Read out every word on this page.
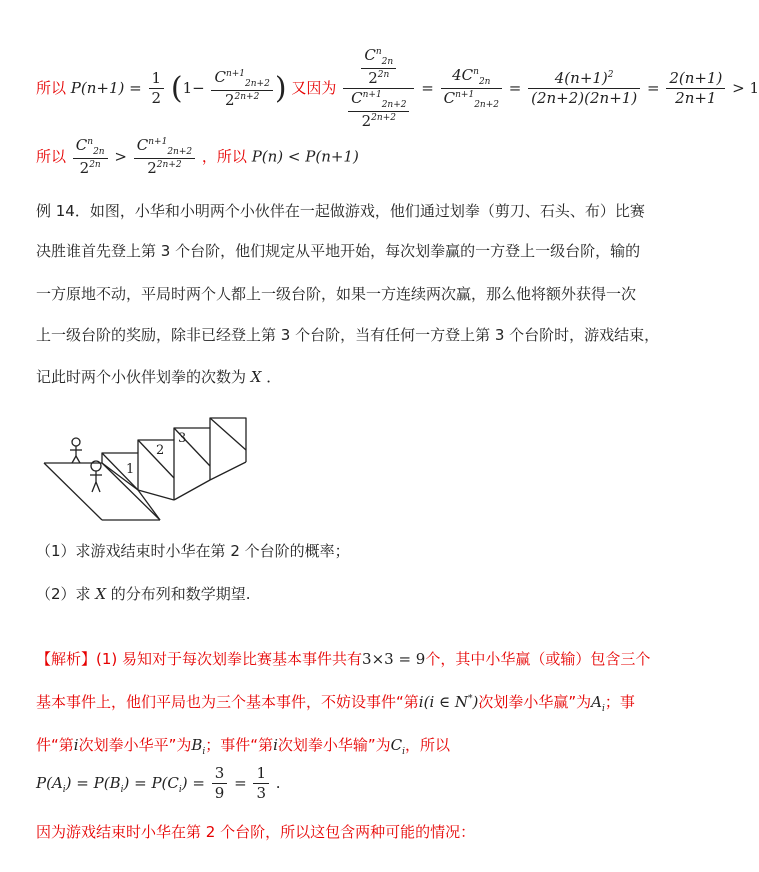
所以 $P(n+1) = \frac{1}{2} (1- \frac{C^{n+1}_{2n+2}}{2^{2n+2}}$ ) 又因为 $\frac{\frac{C^n_{2n}}{2^{2n}}}{\frac{C^{n+1}_{2n+2}}{2^{2n+2}}} = \frac{4C^n_{2n}}{C^{n+1}_{2n+2}} = \frac{4(n+1)^2}{(2n+2)(2n+1)} = \frac{2(n+1)}{2n+1} > 1$
所以 $\frac{C^n_{2n}}{2^{2n}} > \frac{C^{n+1}_{2n+2}}{2^{2n+2}}$ ，所以 P(n) < P(n+1)
例 14．如图，小华和小明两个小伙伴在一起做游戏，他们通过划拳（剪刀、石头、布）比赛
决胜谁首先登上第 3 个台阶，他们规定从平地开始，每次划拳赢的一方登上一级台阶，输的
一方原地不动，平局时两个人都上一级台阶，如果一方连续两次赢，那么他将额外获得一次
上一级台阶的奖励，除非已经登上第 3 个台阶，当有任何一方登上第 3 个台阶时，游戏结束，
记此时两个小伙伴划拳的次数为 X ．
1
2
3
（1）求游戏结束时小华在第 2 个台阶的概率；
（2）求 X 的分布列和数学期望.
【解析】(1) 易知对于每次划拳比赛基本事件共有3×3 = 9个，其中小华赢（或输）包含三个
基本事件上，他们平局也为三个基本事件，不妨设事件“第i(i ∈ N*)次划拳小华赢”为$A_i$；事
件“第i次划拳小华平”为$B_i$；事件“第i次划拳小华输”为$C_i$，所以
$P(A_i) = P(B_i) = P(C_i) = \frac{3}{9} = \frac{1}{3}$ .
因为游戏结束时小华在第 2 个台阶，所以这包含两种可能的情况：
